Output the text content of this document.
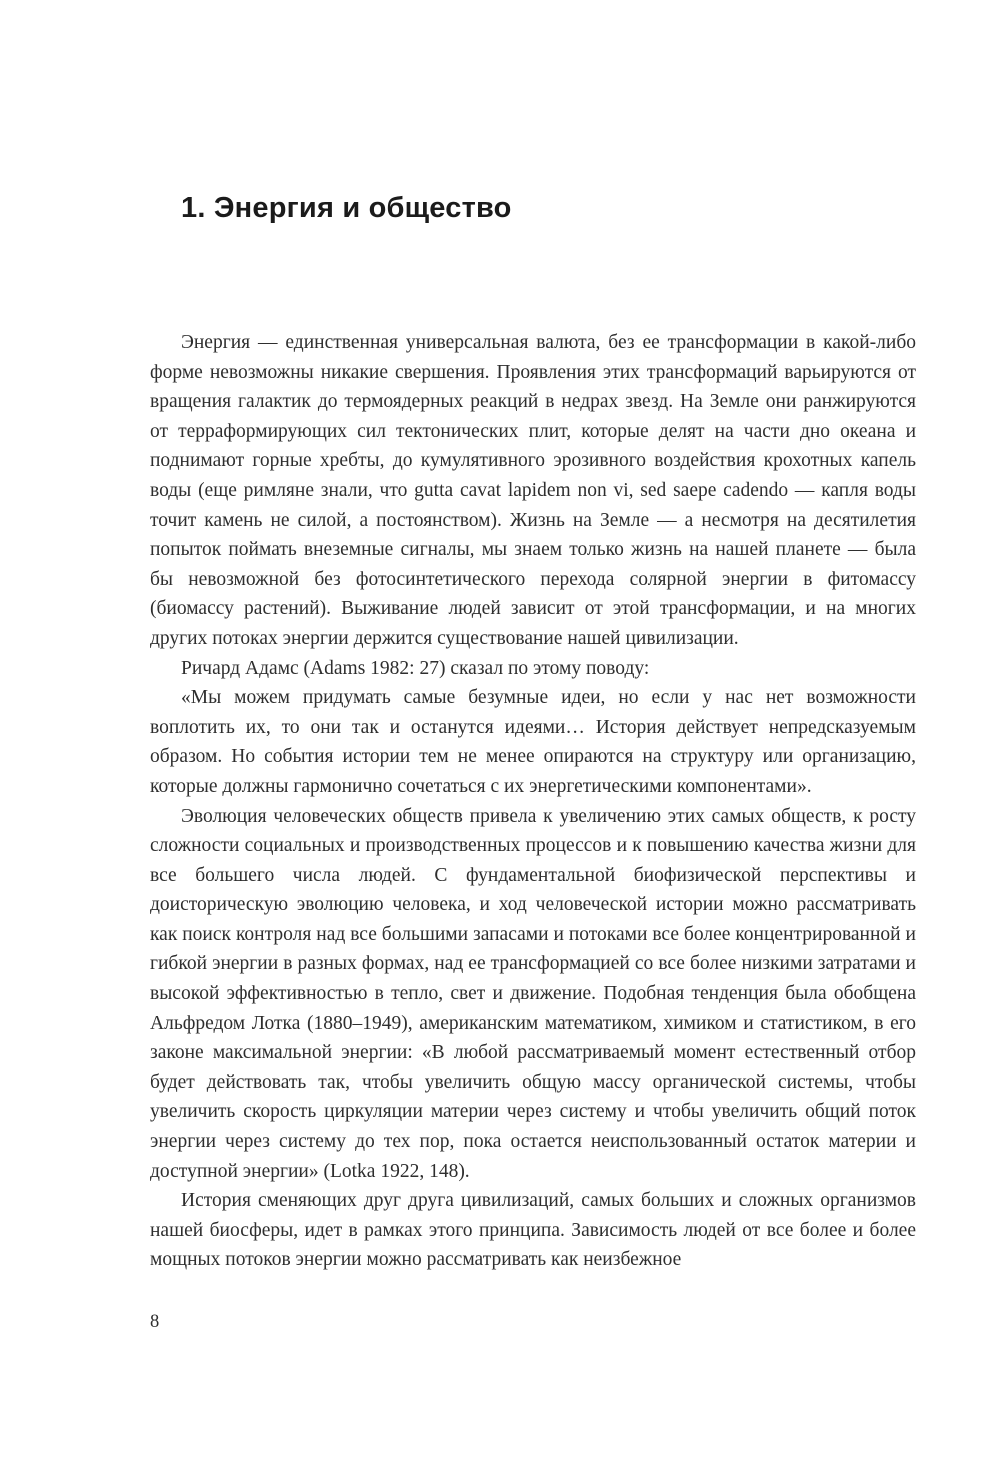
1. Энергия и общество

Энергия — единственная универсальная валюта, без ее трансформации в какой-либо форме невозможны никакие свершения. Проявления этих трансформаций варьируются от вращения галактик до термоядерных реакций в недрах звезд. На Земле они ранжируются от терраформирующих сил тектонических плит, которые делят на части дно океана и поднимают горные хребты, до кумулятивного эрозивного воздействия крохотных капель воды (еще римляне знали, что gutta cavat lapidem non vi, sed saepe cadendo — капля воды точит камень не силой, а постоянством). Жизнь на Земле — а несмотря на десятилетия попыток поймать внеземные сигналы, мы знаем только жизнь на нашей планете — была бы невозможной без фотосинтетического перехода солярной энергии в фитомассу (биомассу растений). Выживание людей зависит от этой трансформации, и на многих других потоках энергии держится существование нашей цивилизации.

Ричард Адамс (Adams 1982: 27) сказал по этому поводу:

«Мы можем придумать самые безумные идеи, но если у нас нет возможности воплотить их, то они так и останутся идеями… История действует непредсказуемым образом. Но события истории тем не менее опираются на структуру или организацию, которые должны гармонично сочетаться с их энергетическими компонентами».

Эволюция человеческих обществ привела к увеличению этих самых обществ, к росту сложности социальных и производственных процессов и к повышению качества жизни для все большего числа людей. С фундаментальной биофизической перспективы и доисторическую эволюцию человека, и ход человеческой истории можно рассматривать как поиск контроля над все большими запасами и потоками все более концентрированной и гибкой энергии в разных формах, над ее трансформацией со все более низкими затратами и высокой эффективностью в тепло, свет и движение. Подобная тенденция была обобщена Альфредом Лотка (1880–1949), американским математиком, химиком и статистиком, в его законе максимальной энергии: «В любой рассматриваемый момент естественный отбор будет действовать так, чтобы увеличить общую массу органической системы, чтобы увеличить скорость циркуляции материи через систему и чтобы увеличить общий поток энергии через систему до тех пор, пока остается неиспользованный остаток материи и доступной энергии» (Lotka 1922, 148).

История сменяющих друг друга цивилизаций, самых больших и сложных организмов нашей биосферы, идет в рамках этого принципа. Зависимость людей от все более и более мощных потоков энергии можно рассматривать как неизбежное

8
